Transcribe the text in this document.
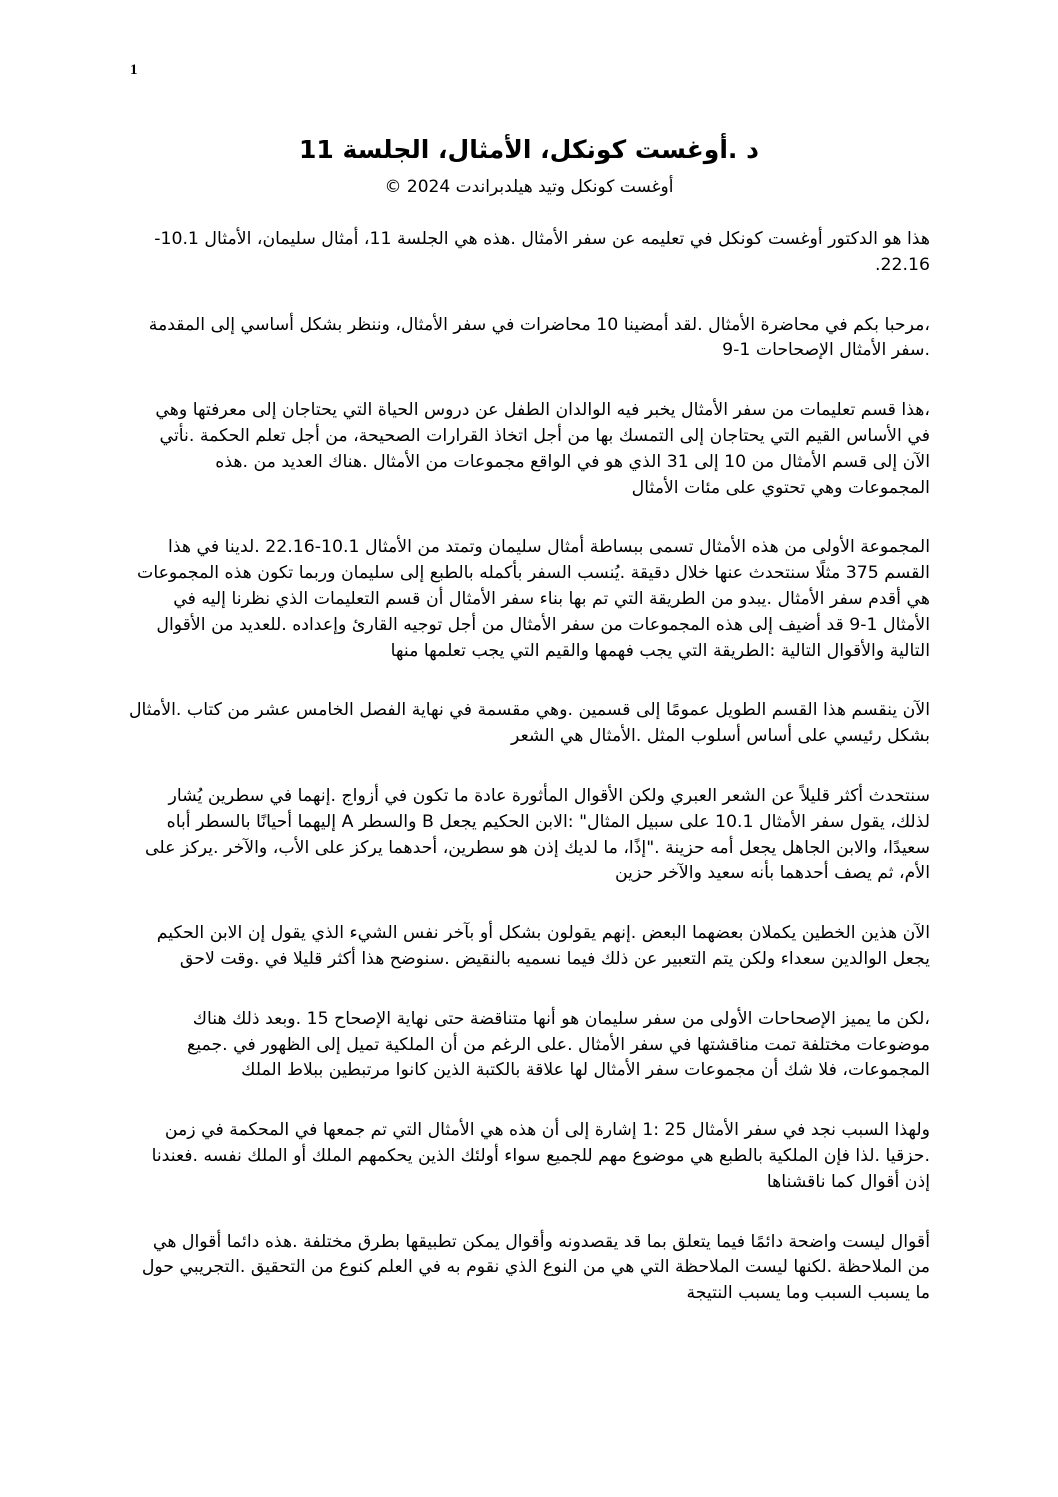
1
د .أوغست كونكل، الأمثال، الجلسة 11
أوغست كونكل وتيد هيلدبراندت 2024 ©

هذا هو الدكتور أوغست كونكل في تعليمه عن سفر الأمثال .هذه هي الجلسة 11، أمثال سليمان، الأمثال 10.1-22.16.

،مرحبا بكم في محاضرة الأمثال .لقد أمضينا 10 محاضرات في سفر الأمثال، وننظر بشكل أساسي إلى المقدمة .سفر الأمثال الإصحاحات 1-9

،هذا قسم تعليمات من سفر الأمثال يخبر فيه الوالدان الطفل عن دروس الحياة التي يحتاجان إلى معرفتها وهي في الأساس القيم التي يحتاجان إلى التمسك بها من أجل اتخاذ القرارات الصحيحة، من أجل تعلم الحكمة .نأتي الآن إلى قسم الأمثال من 10 إلى 31 الذي هو في الواقع مجموعات من الأمثال .هناك العديد من .هذه المجموعات وهي تحتوي على مئات الأمثال

المجموعة الأولى من هذه الأمثال تسمى ببساطة أمثال سليمان وتمتد من الأمثال 10.1-22.16 .لدينا في هذا القسم 375 مثلًا سنتحدث عنها خلال دقيقة .يُنسب السفر بأكمله بالطبع إلى سليمان وربما تكون هذه المجموعات هي أقدم سفر الأمثال .يبدو من الطريقة التي تم بها بناء سفر الأمثال أن قسم التعليمات الذي نظرنا إليه في الأمثال 1-9 قد أضيف إلى هذه المجموعات من سفر الأمثال من أجل توجيه القارئ وإعداده .للعديد من الأقوال التالية والأقوال التالية :الطريقة التي يجب فهمها والقيم التي يجب تعلمها منها

الآن ينقسم هذا القسم الطويل عمومًا إلى قسمين .وهي مقسمة في نهاية الفصل الخامس عشر من كتاب .الأمثال بشكل رئيسي على أساس أسلوب المثل .الأمثال هي الشعر

سنتحدث أكثر قليلاً عن الشعر العبري ولكن الأقوال المأثورة عادة ما تكون في أزواج .إنهما في سطرين يُشار لذلك، يقول سفر الأمثال 10.1 على سبيل المثال" :الابن الحكيم يجعل B والسطر A إليهما أحيانًا بالسطر أباه سعيدًا، والابن الجاهل يجعل أمه حزينة ."إذًا، ما لديك إذن هو سطرين، أحدهما يركز على الأب، والآخر .يركز على الأم، ثم يصف أحدهما بأنه سعيد والآخر حزين

الآن هذين الخطين يكملان بعضهما البعض .إنهم يقولون بشكل أو بآخر نفس الشيء الذي يقول إن الابن الحكيم يجعل الوالدين سعداء ولكن يتم التعبير عن ذلك فيما نسميه بالنقيض .سنوضح هذا أكثر قليلا في .وقت لاحق

،لكن ما يميز الإصحاحات الأولى من سفر سليمان هو أنها متناقضة حتى نهاية الإصحاح 15 .وبعد ذلك هناك موضوعات مختلفة تمت مناقشتها في سفر الأمثال .على الرغم من أن الملكية تميل إلى الظهور في .جميع المجموعات، فلا شك أن مجموعات سفر الأمثال لها علاقة بالكتبة الذين كانوا مرتبطين ببلاط الملك

ولهذا السبب نجد في سفر الأمثال 25 :1 إشارة إلى أن هذه هي الأمثال التي تم جمعها في المحكمة في زمن .حزقيا .لذا فإن الملكية بالطبع هي موضوع مهم للجميع سواء أولئك الذين يحكمهم الملك أو الملك نفسه .فعندنا إذن أقوال كما ناقشناها

أقوال ليست واضحة دائمًا فيما يتعلق بما قد يقصدونه وأقوال يمكن تطبيقها بطرق مختلفة .هذه دائما أقوال هي من الملاحظة .لكنها ليست الملاحظة التي هي من النوع الذي نقوم به في العلم كنوع من التحقيق .التجريبي حول ما يسبب السبب وما يسبب النتيجة
